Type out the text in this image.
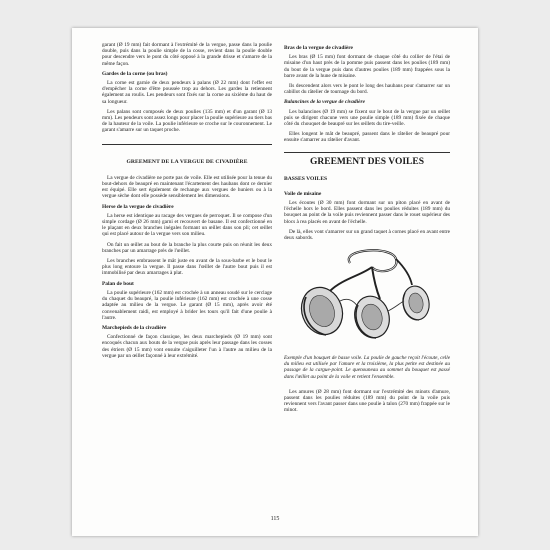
garant (Ø 19 mm) fait dormant à l'extrémité de la vergue, passe dans la poulie double, puis dans la poulie simple de la cosse, revient dans la poulie double pour descendre vers le pont du côté opposé à la grande drisse et s'amarre de la même façon.

Gardes de la corne (ou bras)

La corne est garnie de deux pendeurs à palans (Ø 22 mm) dont l'effet est d'empêcher la corne d'être poussée trop au dehors. Les gardes la retiennent également au roulis. Les pendeurs sont fixés sur la corne au sixième du haut de sa longueur.

Les palans sont composés de deux poulies (135 mm) et d'un garant (Ø 13 mm). Les pendeurs sont assez longs pour placer la poulie supérieure au tiers bas de la hauteur de la voile. La poulie inférieure se croche sur le couronnement. Le garant s'amarre sur un taquet proche.

GREEMENT DE LA VERGUE DE CIVADIÈRE

La vergue de civadière ne porte pas de voile. Elle est utilisée pour la tenue du bout-dehors de beaupré en maintenant l'écartement des haubans dont ce dernier est équipé. Elle sert également de rechange aux vergues de huniers ou à la vergue sèche dont elle possède sensiblement les dimensions.

Herse de la vergue de civadière

La herse est identique au racage des vergues de perroquet. Il se compose d'un simple cordage (Ø 26 mm) garni et recouvert de basane. Il est confectionné en le plaçant en deux branches inégales formant un œillet dans son pli; cet œillet qui est placé autour de la vergue vers son milieu.

On fait un œillet au bout de la branche la plus courte puis on réunit les deux branches par un amarrage près de l'œillet.

Les branches embrassent le mât juste en avant de la sous-barbe et le bout le plus long entoure la vergue. Il passe dans l'œillet de l'autre bout puis il est immobilisé par deux amarrages à plat.

Palan de bout

La poulie supérieure (162 mm) est crochée à un anneau soudé sur le cerclage du chaquet du beaupré, la poulie inférieure (162 mm) est crochée à une cosse adaptée au milieu de la vergue. Le garant (Ø 15 mm), après avoir été convenablement raidi, est employé à brider les tours qu'il fait d'une poulie à l'autre.

Marchepieds de la civadière

Confectionné de façon classique, les deux marchepieds (Ø 19 mm) sont encoqués chacun aux bouts de la vergue puis après leur passage dans les cosses des étriers (Ø 15 mm) vont ensuite s'aiguilleter l'un à l'autre au milieu de la vergue par un œillet façonné à leur extrémité.

Bras de la vergue de civadière

Les bras (Ø 15 mm) font dormant de chaque côté du collier de l'étai de misaine d'un haut près de la pomme puis passent dans les poulies (189 mm) du bout de la vergue puis dans d'autres poulies (189 mm) frappées sous la barre avant de la hune de misaine.

Ils descendent alors vers le pont le long des haubans pour s'amarrer sur un cabillot du râtelier de tournage du bord.

Balancines de la vergue de civadière

Les balancines (Ø 19 mm) se fixent sur le bout de la vergue par un œillet puis se dirigent chacune vers une poulie simple (189 mm) fixée de chaque côté du chouquet de beaupré sur les œillets du tire-veille.

Elles longent le mât de beaupré, passent dans le râtelier de beaupré pour ensuite s'amarrer au râtelier d'avant.

GREEMENT DES VOILES
BASSES VOILES
Voile de misaine

Les écoutes (Ø 30 mm) font dormant sur un piton placé en avant de l'échelle hors le bord. Elles passent dans les poulies réduites (189 mm) du bouquet au point de la voile puis reviennent passer dans le rouet supérieur des blocs à rea placés en avant de l'échelle.

De là, elles vont s'amarrer sur un grand taquet à cornes placé en avant entre deux sabords.

Exemple d'un bouquet de basse voile. La poulie de gauche reçoit l'écoute, celle du milieu est utilisée par l'amure et la troisième, la plus petite est destinée au passage de la cargue-point. Le quenouneau au sommet du bouquet est passé dans l'œillet au point de la voile et retient l'ensemble.

Les amures (Ø 28 mm) font dormant sur l'extrémité des minots d'amure, passent dans les poulies réduites (189 mm) du point de la voile puis reviennent vers l'avant passer dans une poulie à talon (270 mm) frappée sur le minot.

115
